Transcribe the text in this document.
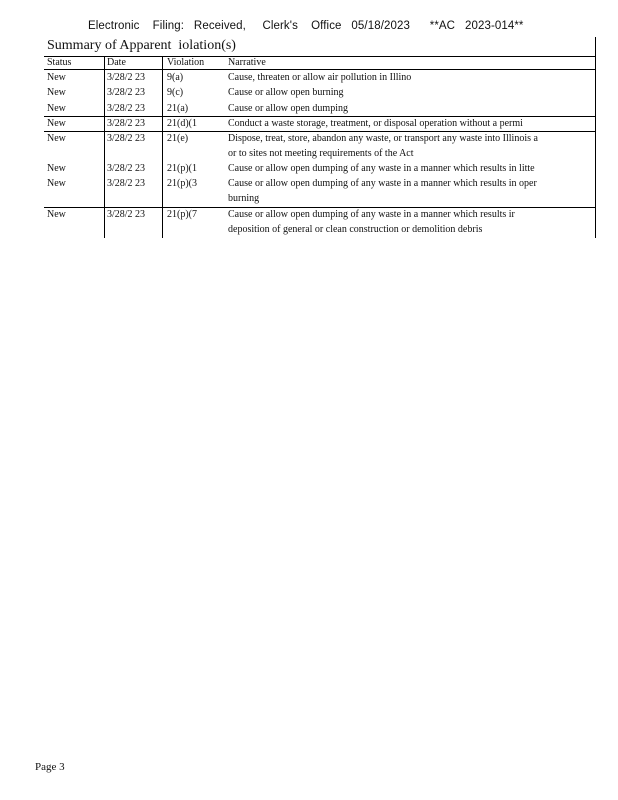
Electronic    Filing:   Received,     Clerk's    Office   05/18/2023      **AC   2023-014**
Summary of Apparent  iolation(s)
Status	Date	Violation	Narrative
New	3/28/2 23	9(a)	Cause, threaten or allow air pollution in Illino
New	3/28/2 23	9(c)	Cause or allow open burning
New	3/28/2 23	21(a)	Cause or allow open dumping
New	3/28/2 23	21(d)(1	Conduct a waste storage, treatment, or disposal operation without a permi
New	3/28/2 23	21(e)	Dispose, treat, store, abandon any waste, or transport any waste into Illinois a
or to sites not meeting requirements of the Act
New	3/28/2 23	21(p)(1	Cause or allow open dumping of any waste in a manner which results in litte
New	3/28/2 23	21(p)(3	Cause or allow open dumping of any waste in a manner which results in oper
burning
New	3/28/2 23	21(p)(7	Cause or allow open dumping of any waste in a manner which results ir
deposition of general or clean construction or demolition debris
Page 3
